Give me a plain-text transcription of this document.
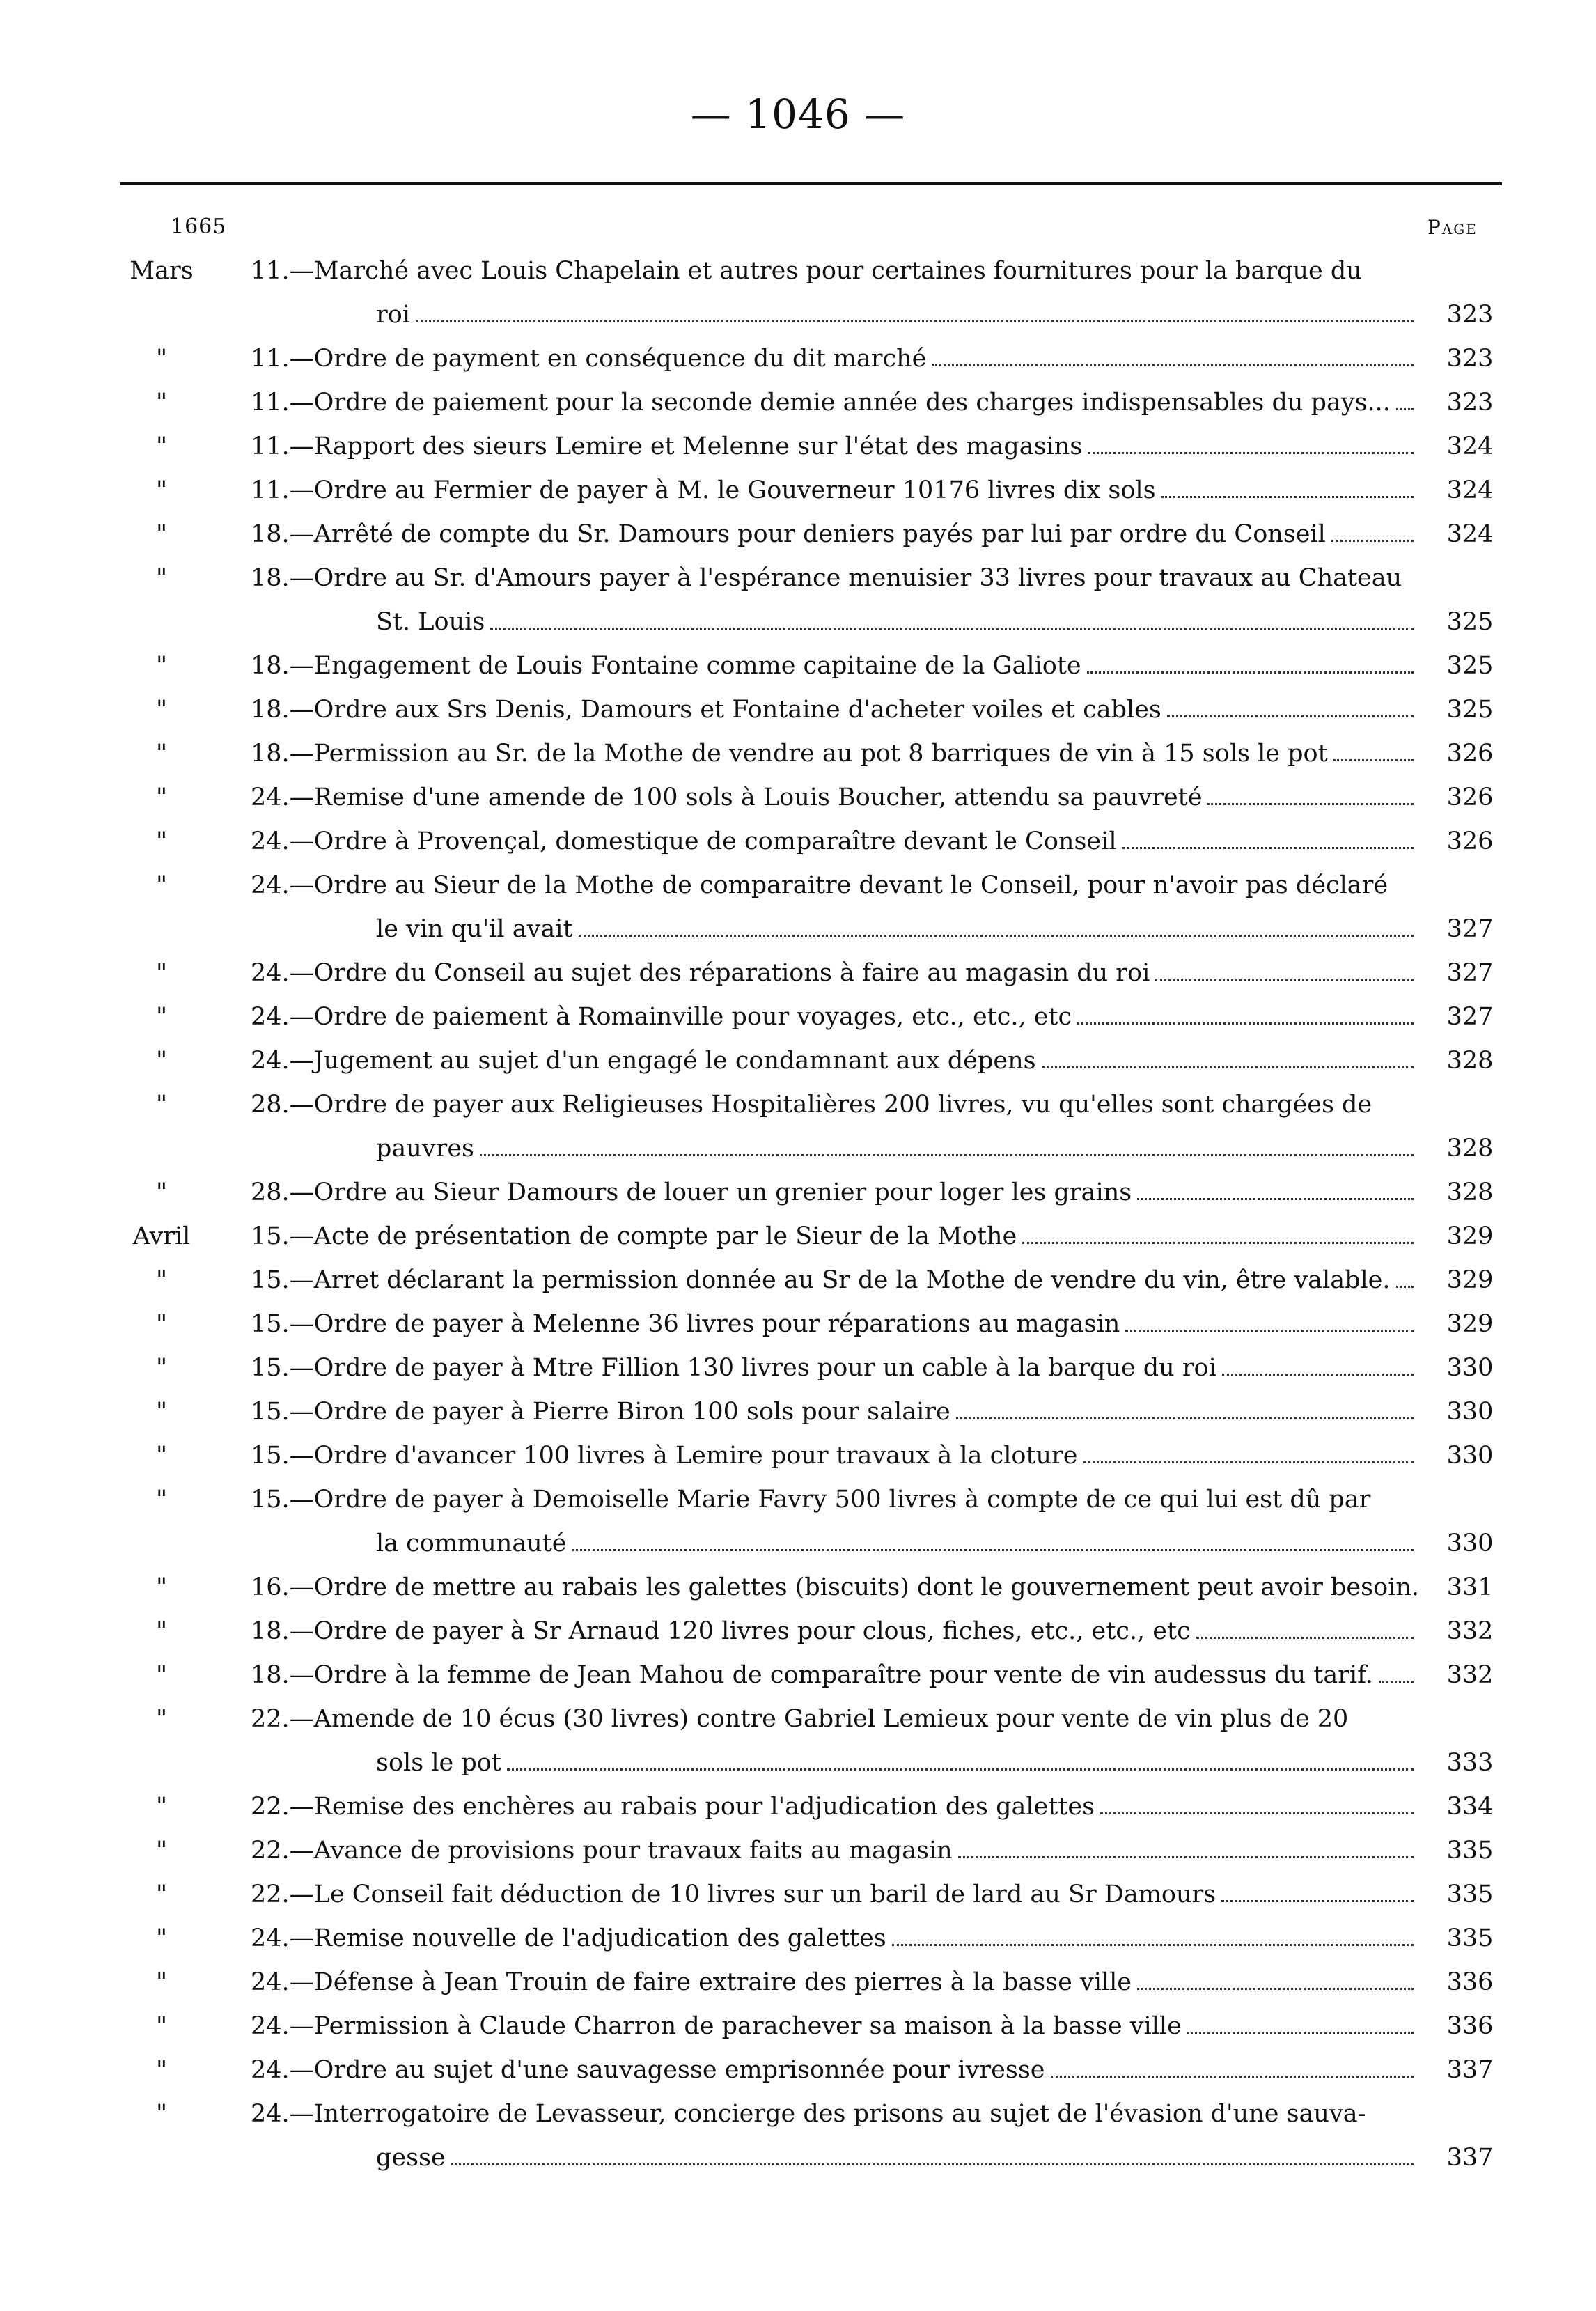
— 1046 —
1665	Page
Mars	11.—Marché avec Louis Chapelain et autres pour certaines fournitures pour la barque du
roi	323
"	11.—Ordre de payment en conséquence du dit marché	323
"	11.—Ordre de paiement pour la seconde demie année des charges indispensables du pays...	323
"	11.—Rapport des sieurs Lemire et Melenne sur l'état des magasins	324
"	11.—Ordre au Fermier de payer à M. le Gouverneur 10176 livres dix sols	324
"	18.—Arrêté de compte du Sr. Damours pour deniers payés par lui par ordre du Conseil	324
"	18.—Ordre au Sr. d'Amours payer à l'espérance menuisier 33 livres pour travaux au Chateau
St. Louis	325
"	18.—Engagement de Louis Fontaine comme capitaine de la Galiote	325
"	18.—Ordre aux Srs Denis, Damours et Fontaine d'acheter voiles et cables	325
"	18.—Permission au Sr. de la Mothe de vendre au pot 8 barriques de vin à 15 sols le pot	326
"	24.—Remise d'une amende de 100 sols à Louis Boucher, attendu sa pauvreté	326
"	24.—Ordre à Provençal, domestique de comparaître devant le Conseil	326
"	24.—Ordre au Sieur de la Mothe de comparaitre devant le Conseil, pour n'avoir pas déclaré
le vin qu'il avait	327
"	24.—Ordre du Conseil au sujet des réparations à faire au magasin du roi	327
"	24.—Ordre de paiement à Romainville pour voyages, etc., etc., etc	327
"	24.—Jugement au sujet d'un engagé le condamnant aux dépens	328
"	28.—Ordre de payer aux Religieuses Hospitalières 200 livres, vu qu'elles sont chargées de
pauvres	328
"	28.—Ordre au Sieur Damours de louer un grenier pour loger les grains	328
Avril	15.—Acte de présentation de compte par le Sieur de la Mothe	329
"	15.—Arret déclarant la permission donnée au Sr de la Mothe de vendre du vin, être valable.	329
"	15.—Ordre de payer à Melenne 36 livres pour réparations au magasin	329
"	15.—Ordre de payer à Mtre Fillion 130 livres pour un cable à la barque du roi	330
"	15.—Ordre de payer à Pierre Biron 100 sols pour salaire	330
"	15.—Ordre d'avancer 100 livres à Lemire pour travaux à la cloture	330
"	15.—Ordre de payer à Demoiselle Marie Favry 500 livres à compte de ce qui lui est dû par
la communauté	330
"	16.—Ordre de mettre au rabais les galettes (biscuits) dont le gouvernement peut avoir besoin.	331
"	18.—Ordre de payer à Sr Arnaud 120 livres pour clous, fiches, etc., etc., etc	332
"	18.—Ordre à la femme de Jean Mahou de comparaître pour vente de vin audessus du tarif.	332
"	22.—Amende de 10 écus (30 livres) contre Gabriel Lemieux pour vente de vin plus de 20
sols le pot	333
"	22.—Remise des enchères au rabais pour l'adjudication des galettes	334
"	22.—Avance de provisions pour travaux faits au magasin	335
"	22.—Le Conseil fait déduction de 10 livres sur un baril de lard au Sr Damours	335
"	24.—Remise nouvelle de l'adjudication des galettes	335
"	24.—Défense à Jean Trouin de faire extraire des pierres à la basse ville	336
"	24.—Permission à Claude Charron de parachever sa maison à la basse ville	336
"	24.—Ordre au sujet d'une sauvagesse emprisonnée pour ivresse	337
"	24.—Interrogatoire de Levasseur, concierge des prisons au sujet de l'évasion d'une sauva-
gesse	337
